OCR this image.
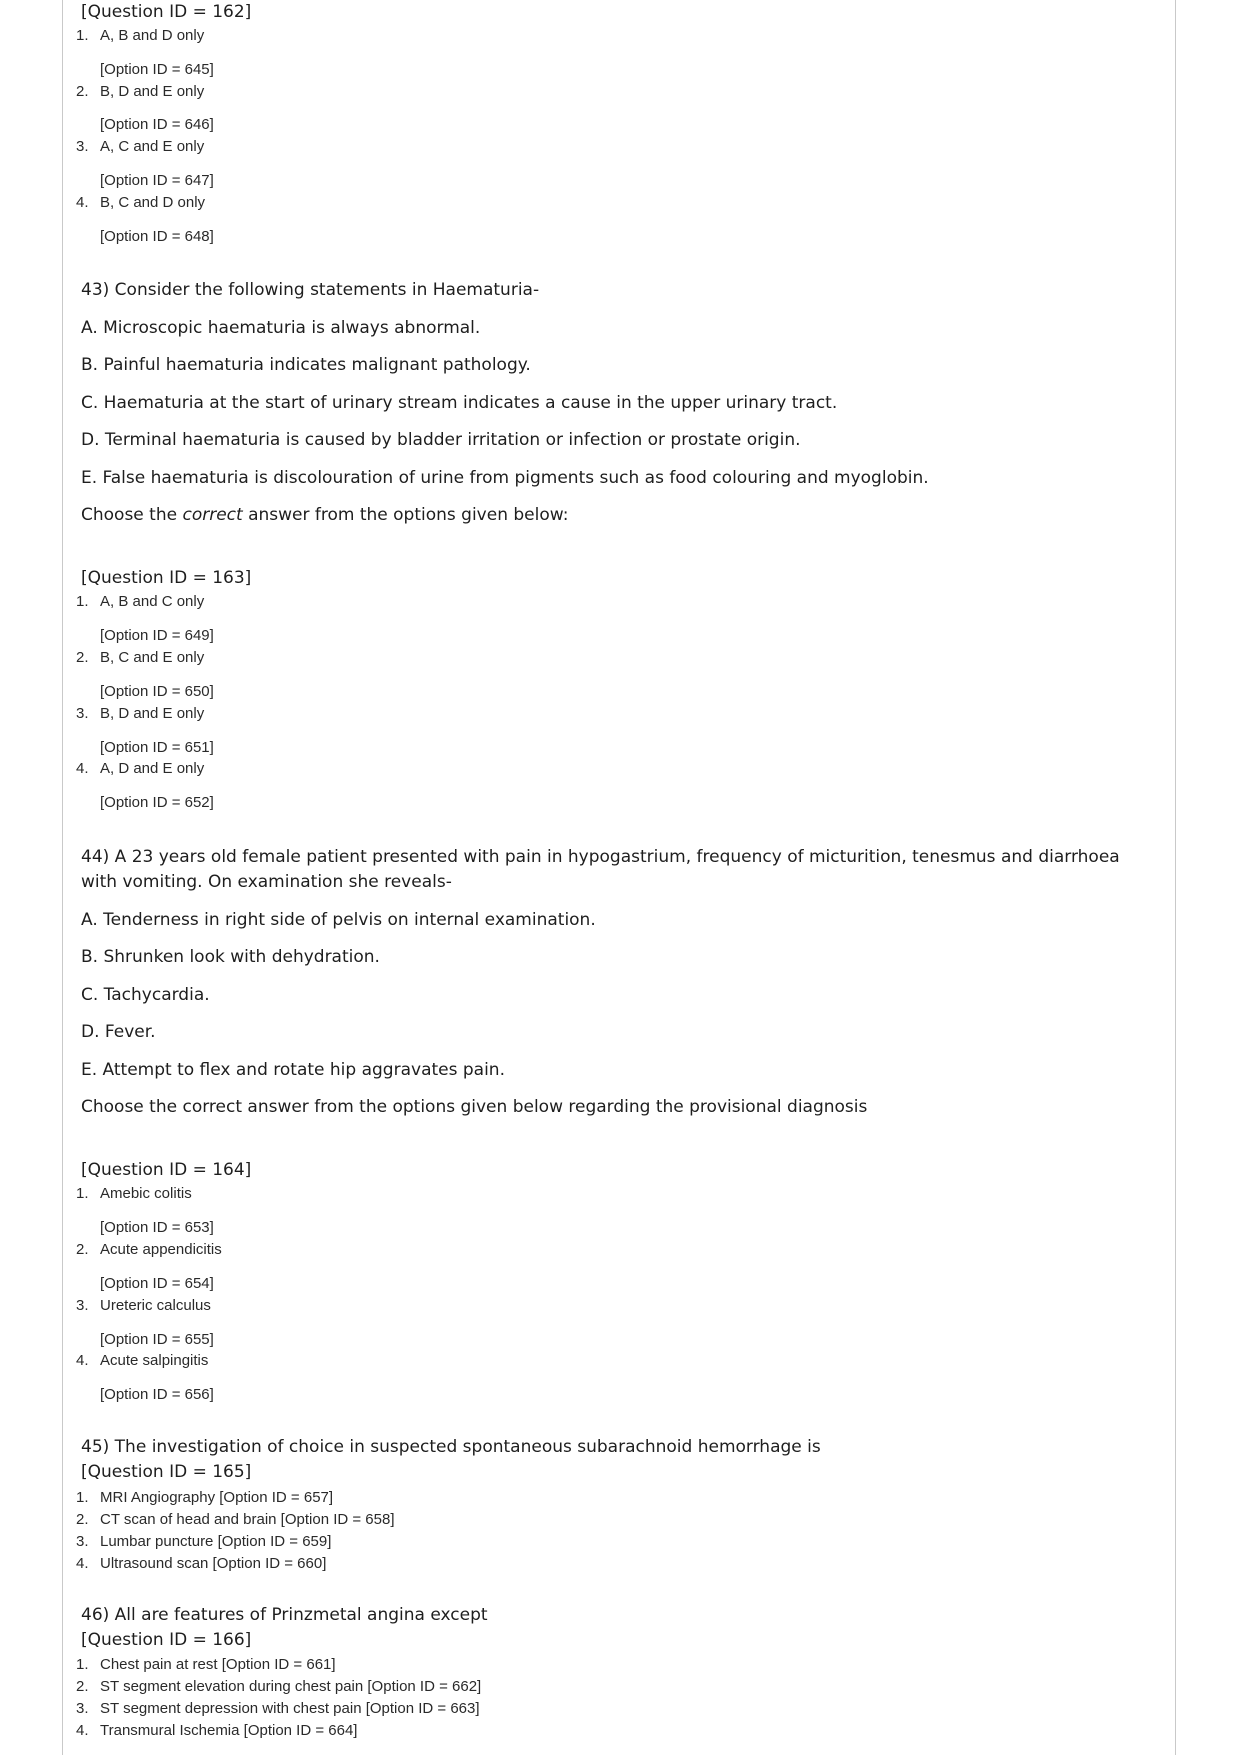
[Question ID = 162]
1. A, B and D only
[Option ID = 645]
2. B, D and E only
[Option ID = 646]
3. A, C and E only
[Option ID = 647]
4. B, C and D only
[Option ID = 648]
43) Consider the following statements in Haematuria-
A. Microscopic haematuria is always abnormal.
B. Painful haematuria indicates malignant pathology.
C. Haematuria at the start of urinary stream indicates a cause in the upper urinary tract.
D. Terminal haematuria is caused by bladder irritation or infection or prostate origin.
E. False haematuria is discolouration of urine from pigments such as food colouring and myoglobin.
Choose the correct answer from the options given below:
[Question ID = 163]
1. A, B and C only
[Option ID = 649]
2. B, C and E only
[Option ID = 650]
3. B, D and E only
[Option ID = 651]
4. A, D and E only
[Option ID = 652]
44) A 23 years old female patient presented with pain in hypogastrium, frequency of micturition, tenesmus and diarrhoea with vomiting. On examination she reveals-
A. Tenderness in right side of pelvis on internal examination.
B. Shrunken look with dehydration.
C. Tachycardia.
D. Fever.
E. Attempt to flex and rotate hip aggravates pain.
Choose the correct answer from the options given below regarding the provisional diagnosis
[Question ID = 164]
1. Amebic colitis
[Option ID = 653]
2. Acute appendicitis
[Option ID = 654]
3. Ureteric calculus
[Option ID = 655]
4. Acute salpingitis
[Option ID = 656]
45) The investigation of choice in suspected spontaneous subarachnoid hemorrhage is
[Question ID = 165]
1. MRI Angiography [Option ID = 657]
2. CT scan of head and brain [Option ID = 658]
3. Lumbar puncture [Option ID = 659]
4. Ultrasound scan [Option ID = 660]
46) All are features of Prinzmetal angina except
[Question ID = 166]
1. Chest pain at rest [Option ID = 661]
2. ST segment elevation during chest pain [Option ID = 662]
3. ST segment depression with chest pain [Option ID = 663]
4. Transmural Ischemia [Option ID = 664]
